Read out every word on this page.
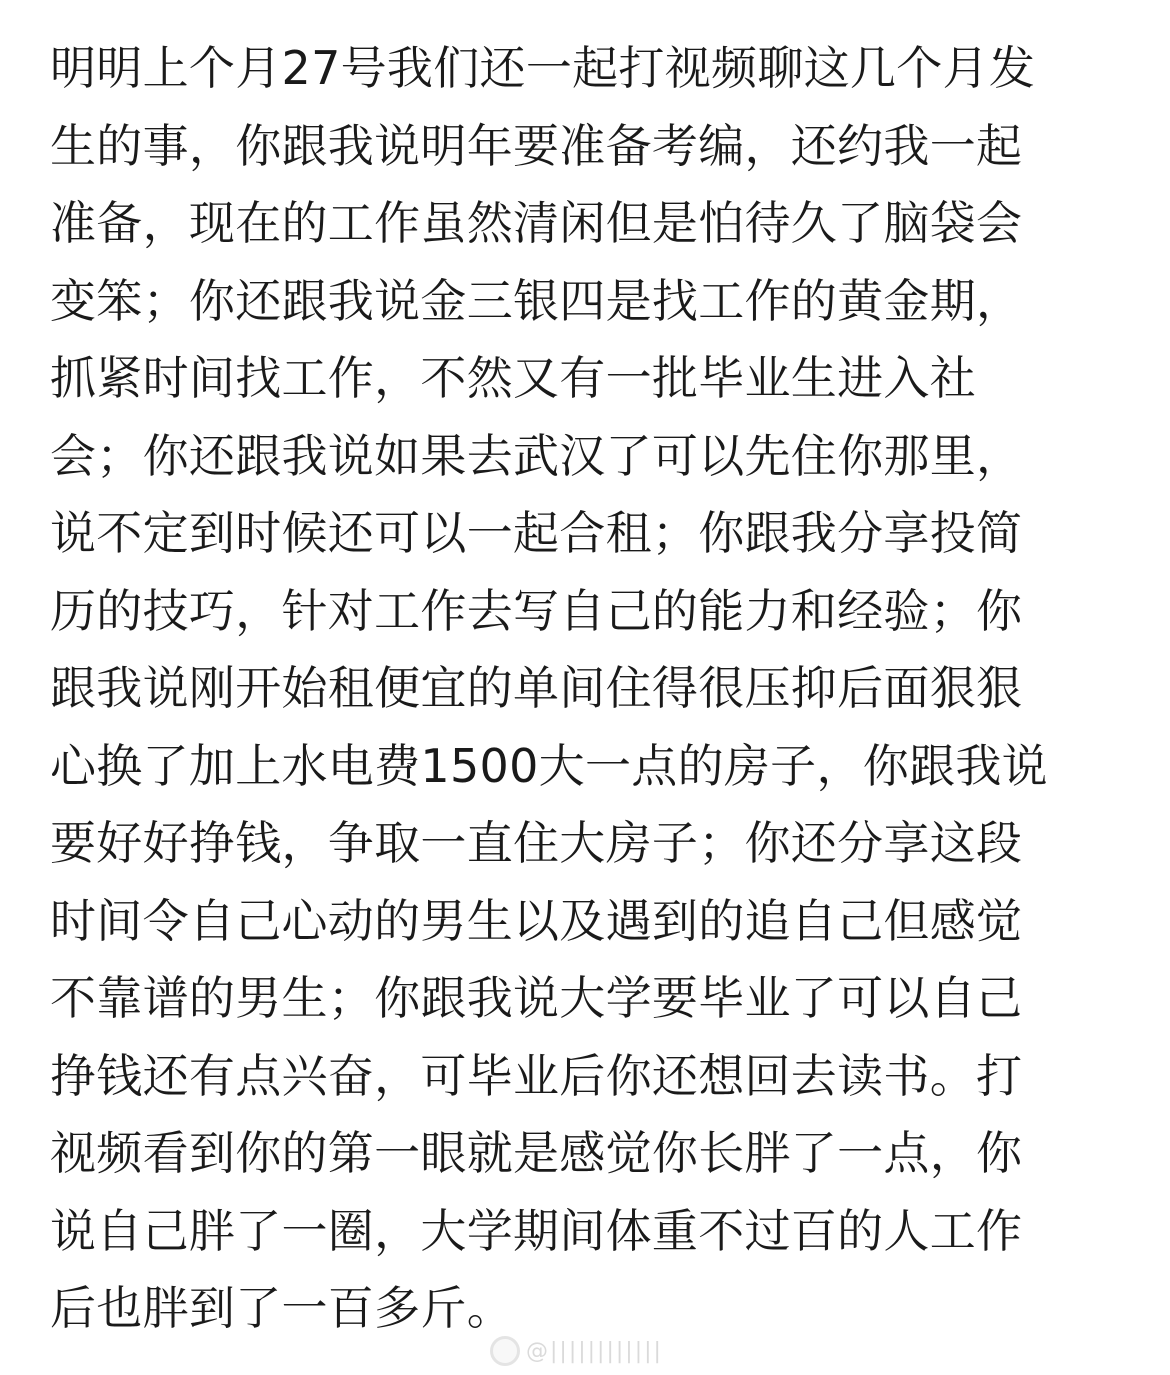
明明上个月27号我们还一起打视频聊这几个月发
生的事，你跟我说明年要准备考编，还约我一起
准备，现在的工作虽然清闲但是怕待久了脑袋会
变笨；你还跟我说金三银四是找工作的黄金期，
抓紧时间找工作，不然又有一批毕业生进入社
会；你还跟我说如果去武汉了可以先住你那里，
说不定到时候还可以一起合租；你跟我分享投简
历的技巧，针对工作去写自己的能力和经验；你
跟我说刚开始租便宜的单间住得很压抑后面狠狠
心换了加上水电费1500大一点的房子，你跟我说
要好好挣钱，争取一直住大房子；你还分享这段
时间令自己心动的男生以及遇到的追自己但感觉
不靠谱的男生；你跟我说大学要毕业了可以自己
挣钱还有点兴奋，可毕业后你还想回去读书。打
视频看到你的第一眼就是感觉你长胖了一点，你
说自己胖了一圈，大学期间体重不过百的人工作
后也胖到了一百多斤。
@||||||||||||
